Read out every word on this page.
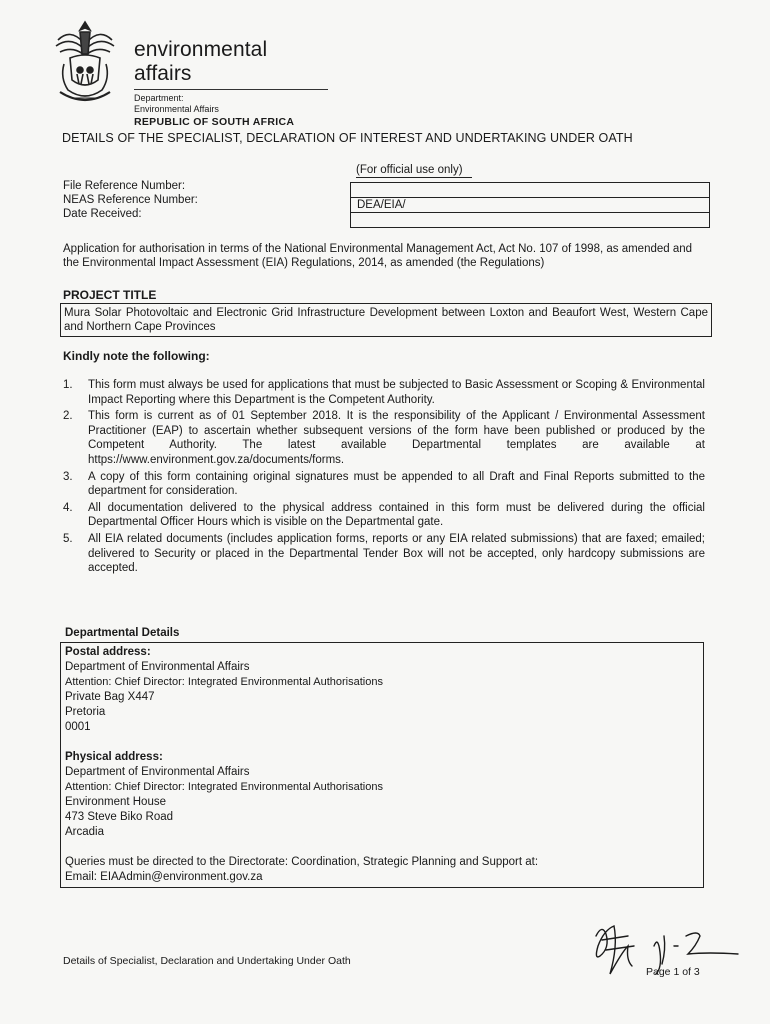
environmental affairs
Department:
Environmental Affairs
REPUBLIC OF SOUTH AFRICA
DETAILS OF THE SPECIALIST, DECLARATION OF INTEREST AND UNDERTAKING UNDER OATH
File Reference Number:
NEAS Reference Number:
Date Received:
(For official use only)
DEA/EIA/
Application for authorisation in terms of the National Environmental Management Act, Act No. 107 of 1998, as amended and the Environmental Impact Assessment (EIA) Regulations, 2014, as amended (the Regulations)
PROJECT TITLE
Mura Solar Photovoltaic and Electronic Grid Infrastructure Development between Loxton and Beaufort West, Western Cape and Northern Cape Provinces
Kindly note the following:
1. This form must always be used for applications that must be subjected to Basic Assessment or Scoping & Environmental Impact Reporting where this Department is the Competent Authority.
2. This form is current as of 01 September 2018. It is the responsibility of the Applicant / Environmental Assessment Practitioner (EAP) to ascertain whether subsequent versions of the form have been published or produced by the Competent Authority. The latest available Departmental templates are available at https://www.environment.gov.za/documents/forms.
3. A copy of this form containing original signatures must be appended to all Draft and Final Reports submitted to the department for consideration.
4. All documentation delivered to the physical address contained in this form must be delivered during the official Departmental Officer Hours which is visible on the Departmental gate.
5. All EIA related documents (includes application forms, reports or any EIA related submissions) that are faxed; emailed; delivered to Security or placed in the Departmental Tender Box will not be accepted, only hardcopy submissions are accepted.
Departmental Details
Postal address:
Department of Environmental Affairs
Attention: Chief Director: Integrated Environmental Authorisations
Private Bag X447
Pretoria
0001
Physical address:
Department of Environmental Affairs
Attention: Chief Director: Integrated Environmental Authorisations
Environment House
473 Steve Biko Road
Arcadia
Queries must be directed to the Directorate: Coordination, Strategic Planning and Support at:
Email: EIAAdmin@environment.gov.za
Details of Specialist, Declaration and Undertaking Under Oath
Page 1 of 3
